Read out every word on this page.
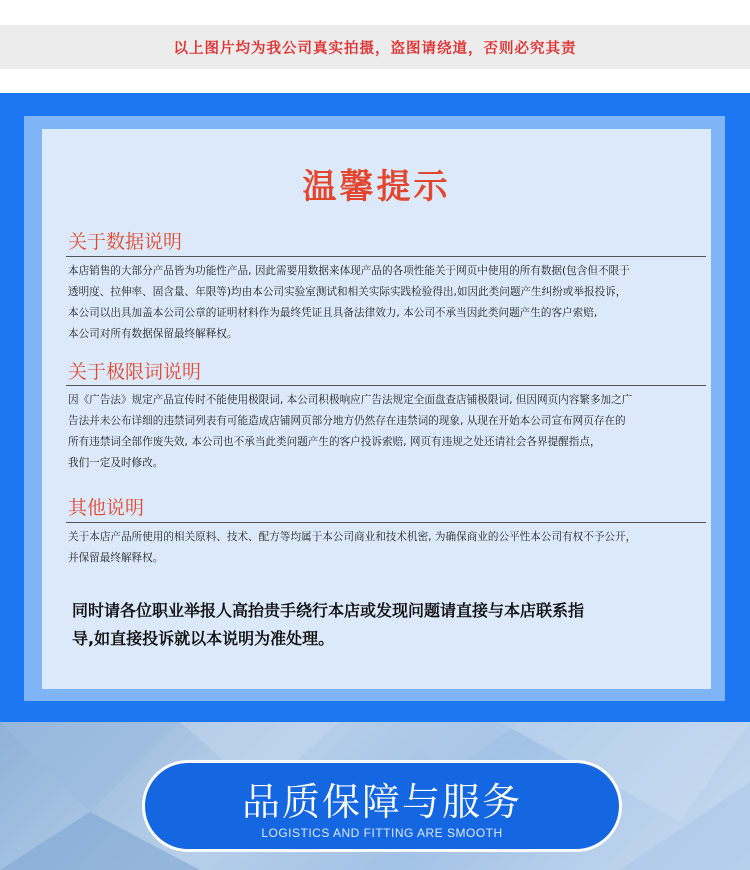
以上图片均为我公司真实拍摄，盗图请绕道，否则必究其责
温馨提示
关于数据说明
本店销售的大部分产品皆为功能性产品, 因此需要用数据来体现产品的各项性能关于网页中使用的所有数据(包含但不限于
透明度、拉伸率、固含量、年限等)均由本公司实验室测试和相关实际实践检验得出,如因此类问题产生纠纷或举报投诉，
本公司以出具加盖本公司公章的证明材料作为最终凭证且具备法律效力, 本公司不承当因此类问题产生的客户索赔,
本公司对所有数据保留最终解释权。
关于极限词说明
因《广告法》规定产品宣传时不能使用极限词, 本公司积极响应广告法规定全面盘查店铺极限词, 但因网页内容繁多加之广
告法并未公布详细的违禁词列表有可能造成店铺网页部分地方仍然存在违禁词的现象, 从现在开始本公司宣布网页存在的
所有违禁词全部作废失效, 本公司也不承当此类问题产生的客户投诉索赔, 网页有违规之处还请社会各界提醒指点，
我们一定及时修改。
其他说明
关于本店产品所使用的相关原料、技术、配方等均属于本公司商业和技术机密, 为确保商业的公平性本公司有权不予公开，
并保留最终解释权。
同时请各位职业举报人高抬贵手绕行本店或发现问题请直接与本店联系指
导,如直接投诉就以本说明为准处理。
品质保障与服务
LOGISTICS AND FITTING ARE SMOOTH
